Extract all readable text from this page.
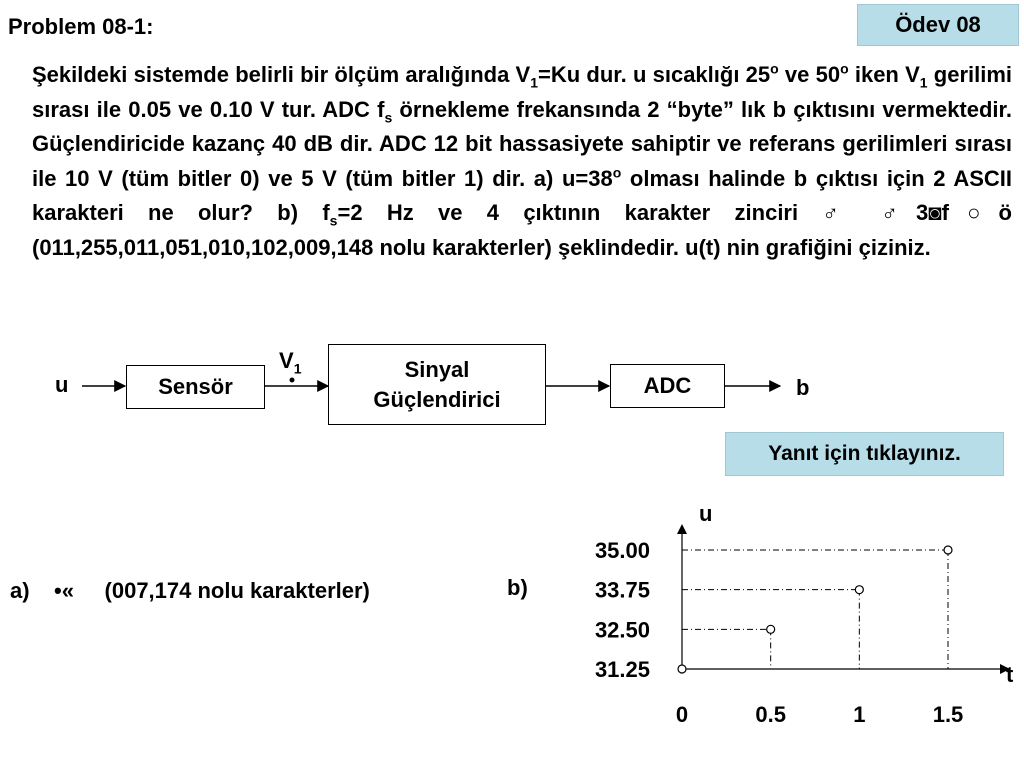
Problem 08-1:	Ödev 08

Şekildeki sistemde belirli bir ölçüm aralığında $V_1=Ku$ dur. u sıcaklığı 25$^o$ ve 50$^o$ iken $V_1$ gerilimi sırası ile 0.05 ve 0.10 V tur. ADC $f_s$ örnekleme frekansında 2 “byte” lık b çıktısını vermektedir. Güçlendiricide kazanç 40 dB dir. ADC 12 bit hassasiyete sahiptir ve referans gerilimleri sırası ile 10 V (tüm bitler 0) ve 5 V (tüm bitler 1) dir. a) $u=38^o$ olması halinde b çıktısı için 2 ASCII karakteri ne olur? b) $f_s=2$ Hz ve 4 çıktının karakter zinciri ♂ ♂3◙f○ö (011,255,011,051,010,102,009,148 nolu karakterler) şeklindedir. u(t) nin grafiğini çiziniz.

u	Sensör
$V_1$	Sinyal
Güçlendirici
ADC	b
Yanıt için tıklayınız.
a) •« (007,174 nolu karakterler)	b)
t
u
0	0.5	1	1.5
31.25
32.50
33.75
35.00
